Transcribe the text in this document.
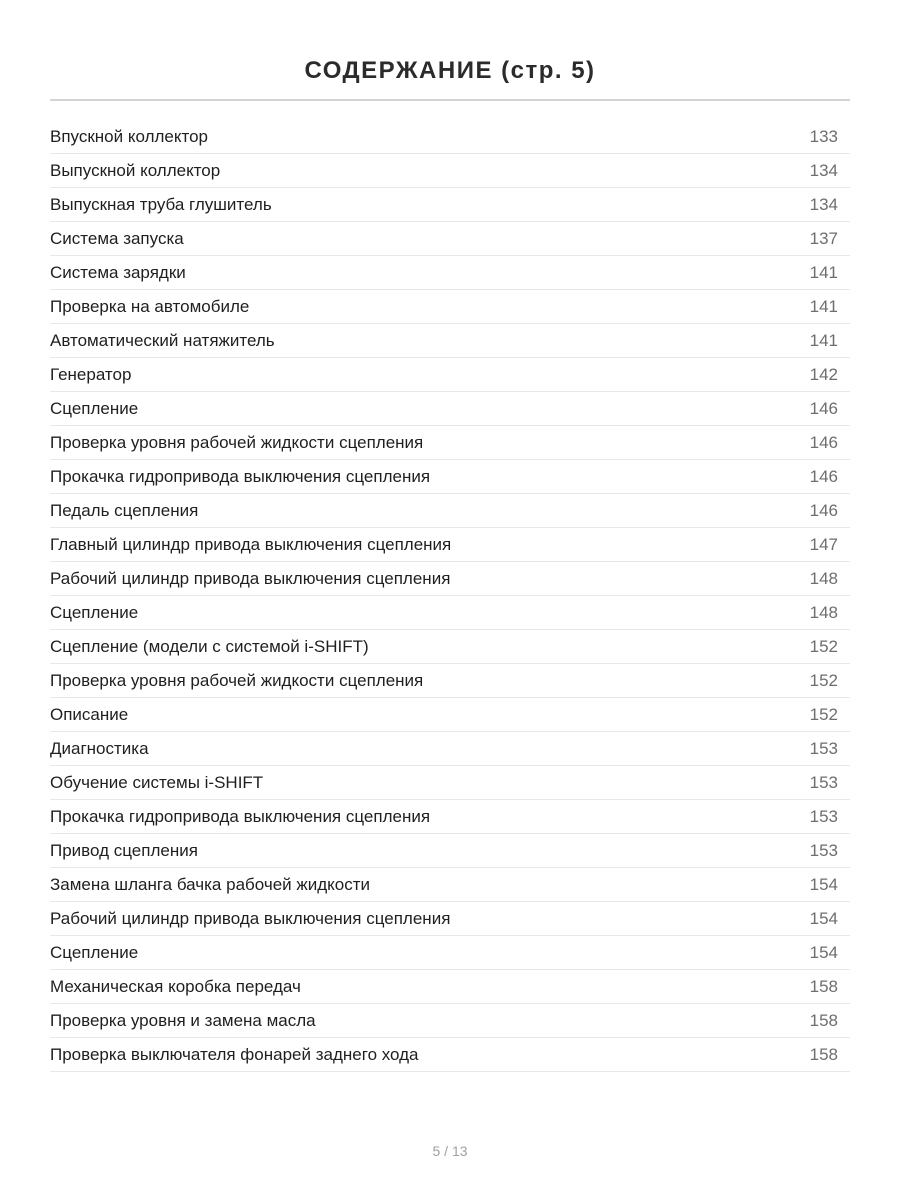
СОДЕРЖАНИЕ (стр. 5)
Впускной коллектор	133
Выпускной коллектор	134
Выпускная труба глушитель	134
Система запуска	137
Система зарядки	141
Проверка на автомобиле	141
Автоматический натяжитель	141
Генератор	142
Сцепление	146
Проверка уровня рабочей жидкости сцепления	146
Прокачка гидропривода выключения сцепления	146
Педаль сцепления	146
Главный цилиндр привода выключения сцепления	147
Рабочий цилиндр привода выключения сцепления	148
Сцепление	148
Сцепление (модели с системой i-SHIFT)	152
Проверка уровня рабочей жидкости сцепления	152
Описание	152
Диагностика	153
Обучение системы i-SHIFT	153
Прокачка гидропривода выключения сцепления	153
Привод сцепления	153
Замена шланга бачка рабочей жидкости	154
Рабочий цилиндр привода выключения сцепления	154
Сцепление	154
Механическая коробка передач	158
Проверка уровня и замена масла	158
Проверка выключателя фонарей заднего хода	158
5 / 13
